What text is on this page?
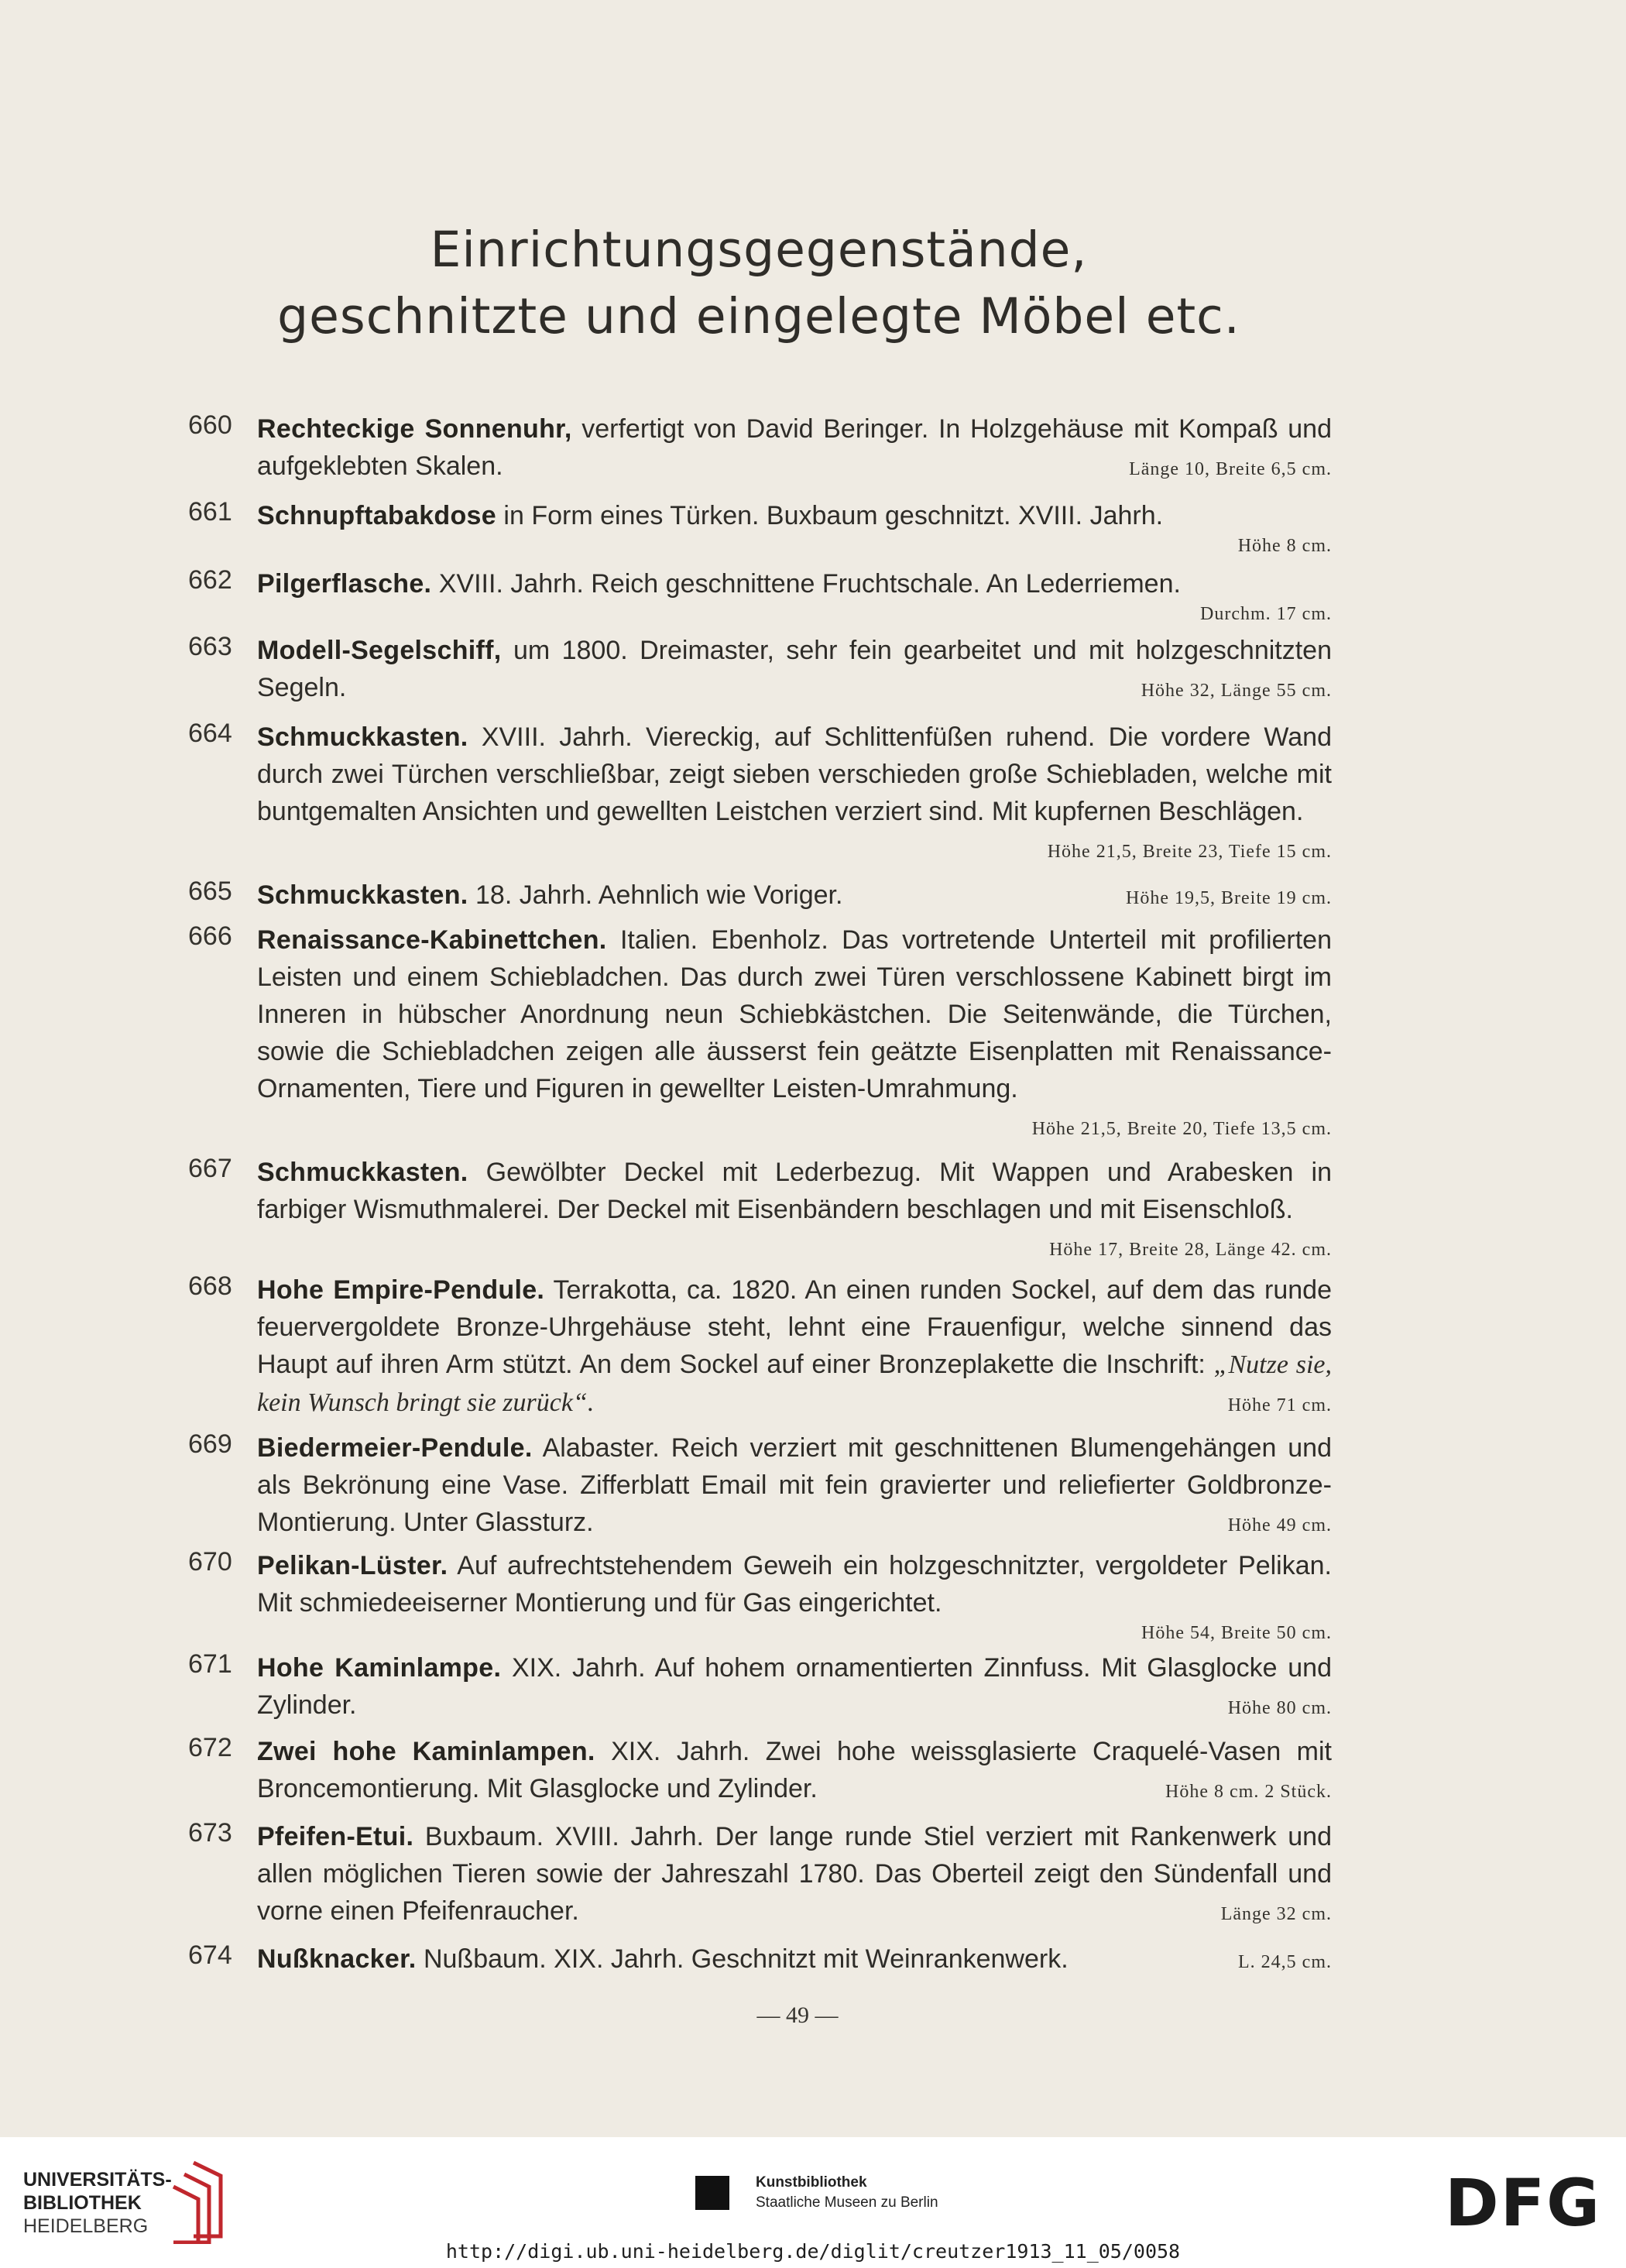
Einrichtungsgegenstände,
geschnitzte und eingelegte Möbel etc.
660 Rechteckige Sonnenuhr, verfertigt von David Beringer. In Holzgehäuse mit Kompaß und aufgeklebten Skalen.	Länge 10, Breite 6,5 cm.
661 Schnupftabakdose in Form eines Türken. Buxbaum geschnitzt. XVIII. Jahrh.
Höhe 8 cm.
662 Pilgerflasche. XVIII. Jahrh. Reich geschnittene Fruchtschale. An Lederriemen.
Durchm. 17 cm.
663 Modell-Segelschiff, um 1800. Dreimaster, sehr fein gearbeitet und mit holzgeschnitzten Segeln.	Höhe 32, Länge 55 cm.
664 Schmuckkasten. XVIII. Jahrh. Viereckig, auf Schlittenfüßen ruhend. Die vordere Wand durch zwei Türchen verschließbar, zeigt sieben verschieden große Schiebladen, welche mit buntgemalten Ansichten und gewellten Leistchen verziert sind. Mit kupfernen Beschlägen.
Höhe 21,5, Breite 23, Tiefe 15 cm.
665 Schmuckkasten. 18. Jahrh. Aehnlich wie Voriger.	Höhe 19,5, Breite 19 cm.
666 Renaissance-Kabinettchen. Italien. Ebenholz. Das vortretende Unterteil mit profilierten Leisten und einem Schiebladchen. Das durch zwei Türen verschlossene Kabinett birgt im Inneren in hübscher Anordnung neun Schiebkästchen. Die Seitenwände, die Türchen, sowie die Schiebladchen zeigen alle äusserst fein geätzte Eisenplatten mit Renaissance-Ornamenten, Tiere und Figuren in gewellter Leisten-Umrahmung.
Höhe 21,5, Breite 20, Tiefe 13,5 cm.
667 Schmuckkasten. Gewölbter Deckel mit Lederbezug. Mit Wappen und Arabesken in farbiger Wismuthmalerei. Der Deckel mit Eisenbändern beschlagen und mit Eisenschloß.
Höhe 17, Breite 28, Länge 42. cm.
668 Hohe Empire-Pendule. Terrakotta, ca. 1820. An einen runden Sockel, auf dem das runde feuervergoldete Bronze-Uhrgehäuse steht, lehnt eine Frauenfigur, welche sinnend das Haupt auf ihren Arm stützt. An dem Sockel auf einer Bronzeplakette die Inschrift: „Nutze sie, kein Wunsch bringt sie zurück“.	Höhe 71 cm.
669 Biedermeier-Pendule. Alabaster. Reich verziert mit geschnittenen Blumengehängen und als Bekrönung eine Vase. Zifferblatt Email mit fein gravierter und reliefierter Goldbronze-Montierung. Unter Glassturz.	Höhe 49 cm.
670 Pelikan-Lüster. Auf aufrechtstehendem Geweih ein holzgeschnitzter, vergoldeter Pelikan. Mit schmiedeeiserner Montierung und für Gas eingerichtet.
Höhe 54, Breite 50 cm.
671 Hohe Kaminlampe. XIX. Jahrh. Auf hohem ornamentierten Zinnfuss. Mit Glasglocke und Zylinder.	Höhe 80 cm.
672 Zwei hohe Kaminlampen. XIX. Jahrh. Zwei hohe weissglasierte Craquelé-Vasen mit Broncemontierung. Mit Glasglocke und Zylinder.	Höhe 8 cm. 2 Stück.
673 Pfeifen-Etui. Buxbaum. XVIII. Jahrh. Der lange runde Stiel verziert mit Rankenwerk und allen möglichen Tieren sowie der Jahreszahl 1780. Das Oberteil zeigt den Sündenfall und vorne einen Pfeifenraucher.	Länge 32 cm.
674 Nußknacker. Nußbaum. XIX. Jahrh. Geschnitzt mit Weinrankenwerk.	L. 24,5 cm.
— 49 —
UNIVERSITÄTS-
BIBLIOTHEK
HEIDELBERG
Kunstbibliothek
Staatliche Museen zu Berlin	DFG
http://digi.ub.uni-heidelberg.de/diglit/creutzer1913_11_05/0058
